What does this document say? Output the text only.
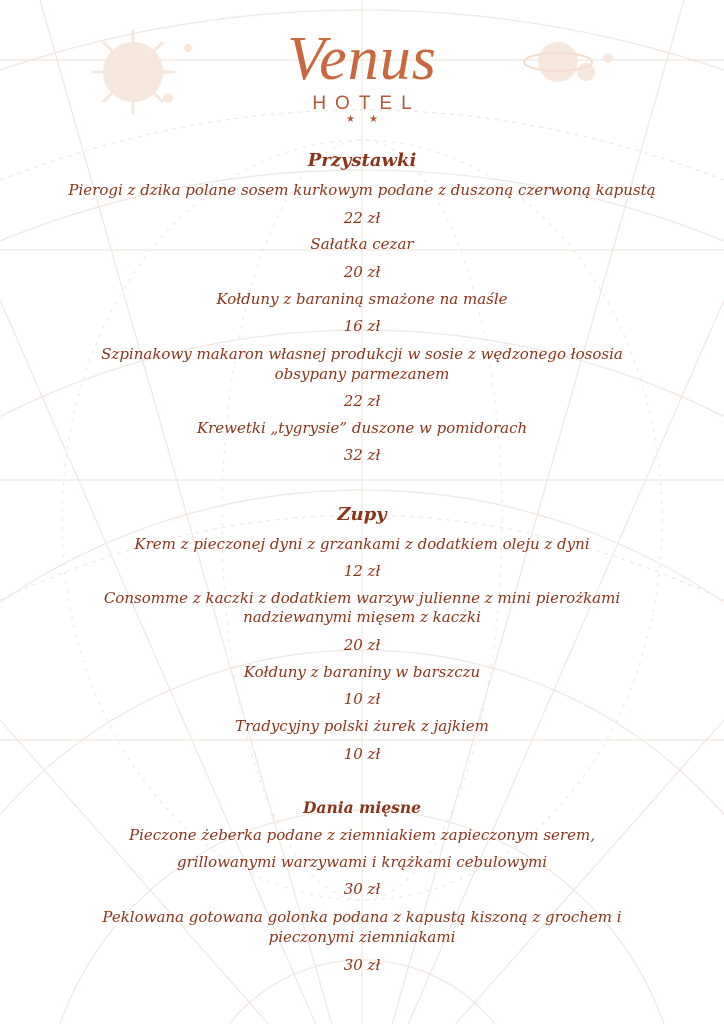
Venus
HOTEL
★★
Przystawki
Pierogi z dzika polane sosem kurkowym podane z duszoną czerwoną kapustą
22 zł
Sałatka cezar
20 zł
Kołduny z baraniną smażone na maśle
16 zł
Szpinakowy makaron własnej produkcji w sosie z wędzonego łososia
obsypany parmezanem
22 zł
Krewetki „tygrysie” duszone w pomidorach
32 zł
Zupy
Krem z pieczonej dyni z grzankami z dodatkiem oleju z dyni
12 zł
Consomme z kaczki z dodatkiem warzyw julienne z mini pierożkami
nadziewanymi mięsem z kaczki
20 zł
Kołduny z baraniny w barszczu
10 zł
Tradycyjny polski żurek z jajkiem
10 zł
Dania mięsne
Pieczone żeberka podane z ziemniakiem zapieczonym serem,
grillowanymi warzywami i krążkami cebulowymi
30 zł
Peklowana gotowana golonka podana z kapustą kiszoną z grochem i
pieczonymi ziemniakami
30 zł
